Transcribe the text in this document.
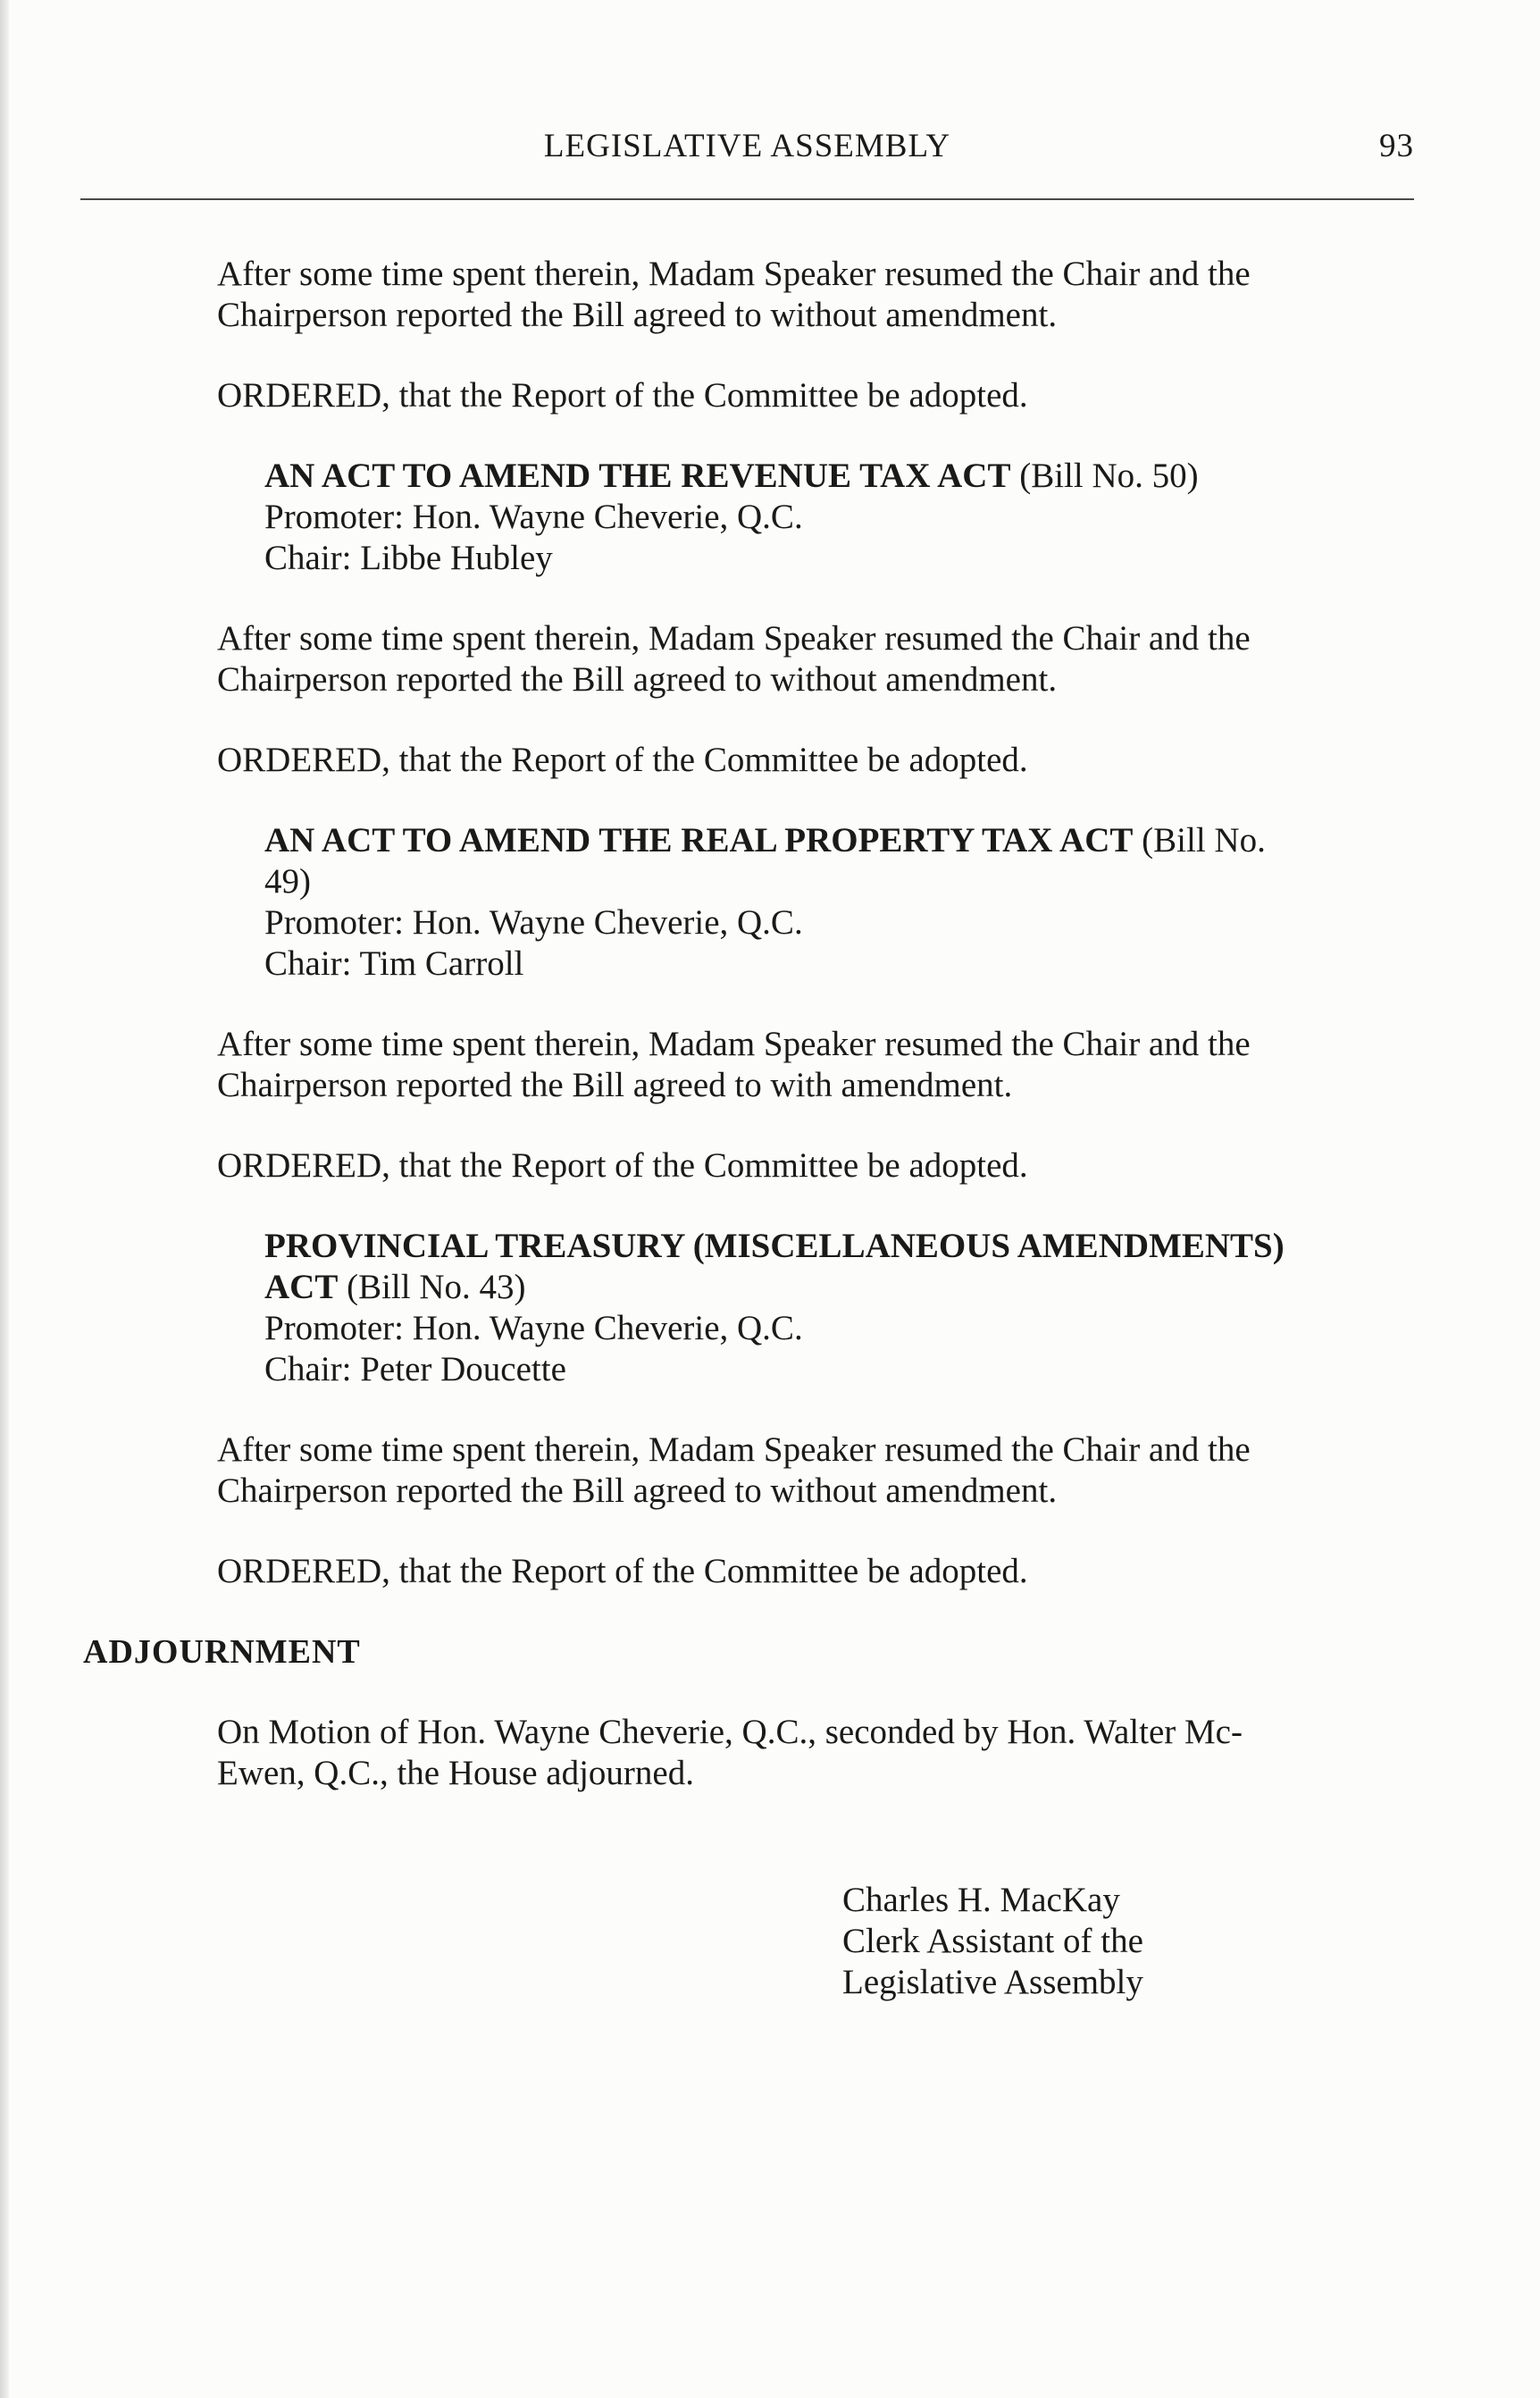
LEGISLATIVE ASSEMBLY	93

After some time spent therein, Madam Speaker resumed the Chair and the
Chairperson reported the Bill agreed to without amendment.

ORDERED, that the Report of the Committee be adopted.

AN ACT TO AMEND THE REVENUE TAX ACT (Bill No. 50)
Promoter: Hon. Wayne Cheverie, Q.C.
Chair: Libbe Hubley

After some time spent therein, Madam Speaker resumed the Chair and the
Chairperson reported the Bill agreed to without amendment.

ORDERED, that the Report of the Committee be adopted.

AN ACT TO AMEND THE REAL PROPERTY TAX ACT (Bill No.
49)
Promoter: Hon. Wayne Cheverie, Q.C.
Chair: Tim Carroll

After some time spent therein, Madam Speaker resumed the Chair and the
Chairperson reported the Bill agreed to with amendment.

ORDERED, that the Report of the Committee be adopted.

PROVINCIAL TREASURY (MISCELLANEOUS AMENDMENTS)
ACT (Bill No. 43)
Promoter: Hon. Wayne Cheverie, Q.C.
Chair: Peter Doucette

After some time spent therein, Madam Speaker resumed the Chair and the
Chairperson reported the Bill agreed to without amendment.

ORDERED, that the Report of the Committee be adopted.

ADJOURNMENT

On Motion of Hon. Wayne Cheverie, Q.C., seconded by Hon. Walter Mc-
Ewen, Q.C., the House adjourned.

Charles H. MacKay
Clerk Assistant of the
Legislative Assembly
